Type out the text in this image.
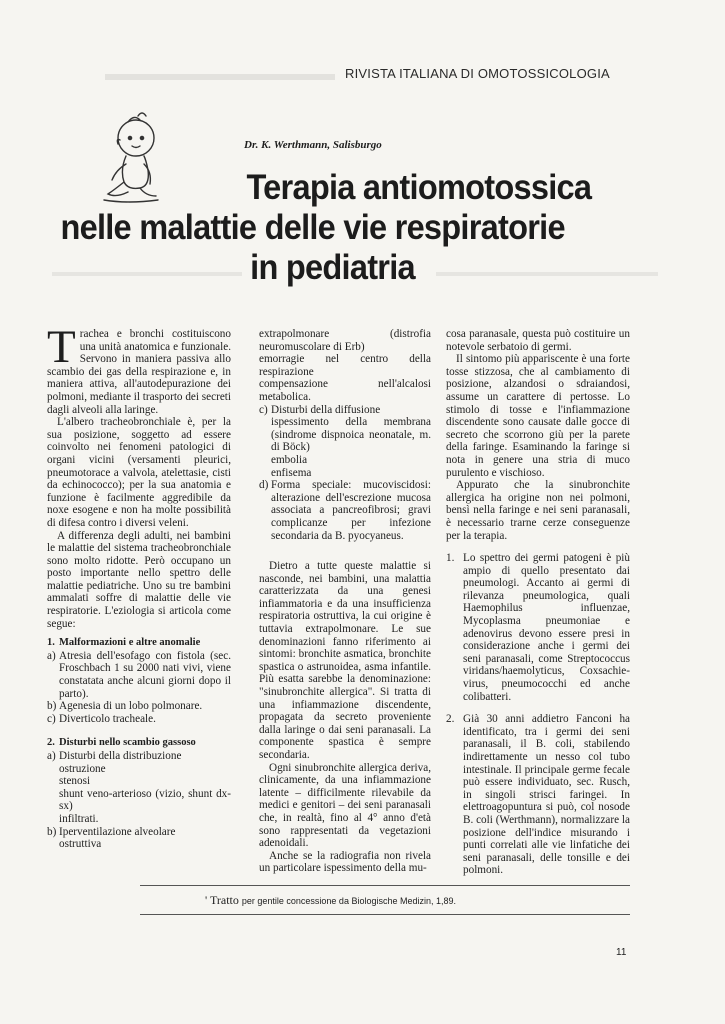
RIVISTA ITALIANA DI OMOTOSSICOLOGIA
Dr. K. Werthmann, Salisburgo
Terapia antiomotossica
nelle malattie delle vie respiratorie
in pediatria

Trachea e bronchi costituiscono una unità anatomica e funzionale. Servono in maniera passiva allo scambio dei gas della respirazione e, in maniera attiva, all'autodepurazione dei polmoni, mediante il trasporto dei secreti dagli alveoli alla laringe.

L'albero tracheobronchiale è, per la sua posizione, soggetto ad essere coinvolto nei fenomeni patologici di organi vicini (versamenti pleurici, pneumotorace a valvola, atelettasie, cisti da echinococco); per la sua anatomia e funzione è facilmente aggredibile da noxe esogene e non ha molte possibilità di difesa contro i diversi veleni.

A differenza degli adulti, nei bambini le malattie del sistema tracheobronchiale sono molto ridotte. Però occupano un posto importante nello spettro delle malattie pediatriche. Uno su tre bambini ammalati soffre di malattie delle vie respiratorie. L'eziologia si articola come segue:

1. Malformazioni e altre anomalie
a) Atresia dell'esofago con fistola (sec. Froschbach 1 su 2000 nati vivi, viene constatata anche alcuni giorni dopo il parto).
b) Agenesia di un lobo polmonare.
c) Diverticolo tracheale.
2. Disturbi nello scambio gassoso
a) Disturbi della distribuzione
ostruzione
stenosi
shunt veno-arterioso (vizio, shunt dx-sx)
infiltrati.
b) Iperventilazione alveolare
ostruttiva
extrapolmonare (distrofia neuromuscolare di Erb)
emorragie nel centro della respirazione
compensazione nell'alcalosi metabolica.
c) Disturbi della diffusione
ispessimento della membrana (sindrome dispnoica neonatale, m. di Böck)
embolia
enfisema
d) Forma speciale: mucoviscidosi: alterazione dell'escrezione mucosa associata a pancreofibrosi; gravi complicanze per infezione secondaria da B. pyocyaneus.

Dietro a tutte queste malattie si nasconde, nei bambini, una malattia caratterizzata da una genesi infiammatoria e da una insufficienza respiratoria ostruttiva, la cui origine è tuttavia extrapolmonare. Le sue denominazioni fanno riferimento ai sintomi: bronchite asmatica, bronchite spastica o astrunoidea, asma infantile. Più esatta sarebbe la denominazione: "sinubronchite allergica". Si tratta di una infiammazione discendente, propagata da secreto proveniente dalla laringe o dai seni paranasali. La componente spastica è sempre secondaria.

Ogni sinubronchite allergica deriva, clinicamente, da una infiammazione latente – difficilmente rilevabile da medici e genitori – dei seni paranasali che, in realtà, fino al 4° anno d'età sono rappresentati da vegetazioni adenoidali.

Anche se la radiografia non rivela un particolare ispessimento della mu-

cosa paranasale, questa può costituire un notevole serbatoio di germi.

Il sintomo più appariscente è una forte tosse stizzosa, che al cambiamento di posizione, alzandosi o sdraiandosi, assume un carattere di pertosse. Lo stimolo di tosse e l'infiammazione discendente sono causate dalle gocce di secreto che scorrono giù per la parete della faringe. Esaminando la faringe si nota in genere una stria di muco purulento e vischioso.

Appurato che la sinubronchite allergica ha origine non nei polmoni, bensì nella faringe e nei seni paranasali, è necessario trarne cerze conseguenze per la terapia.

1. Lo spettro dei germi patogeni è più ampio di quello presentato dai pneumologi. Accanto ai germi di rilevanza pneumologica, quali Haemophilus influenzae, Mycoplasma pneumoniae e adenovirus devono essere presi in considerazione anche i germi dei seni paranasali, come Streptococcus viridans/haemolyticus, Coxsachie-virus, pneumococchi ed anche colibatteri.
2. Già 30 anni addietro Fanconi ha identificato, tra i germi dei seni paranasali, il B. coli, stabilendo indirettamente un nesso col tubo intestinale. Il principale germe fecale può essere individuato, sec. Rusch, in singoli strisci faringei. In elettroagopuntura si può, col nosode B. coli (Werthmann), normalizzare la posizione dell'indice misurando i punti correlati alle vie linfatiche dei seni paranasali, delle tonsille e dei polmoni.
' Tratto per gentile concessione da Biologische Medizin, 1,89.
11
